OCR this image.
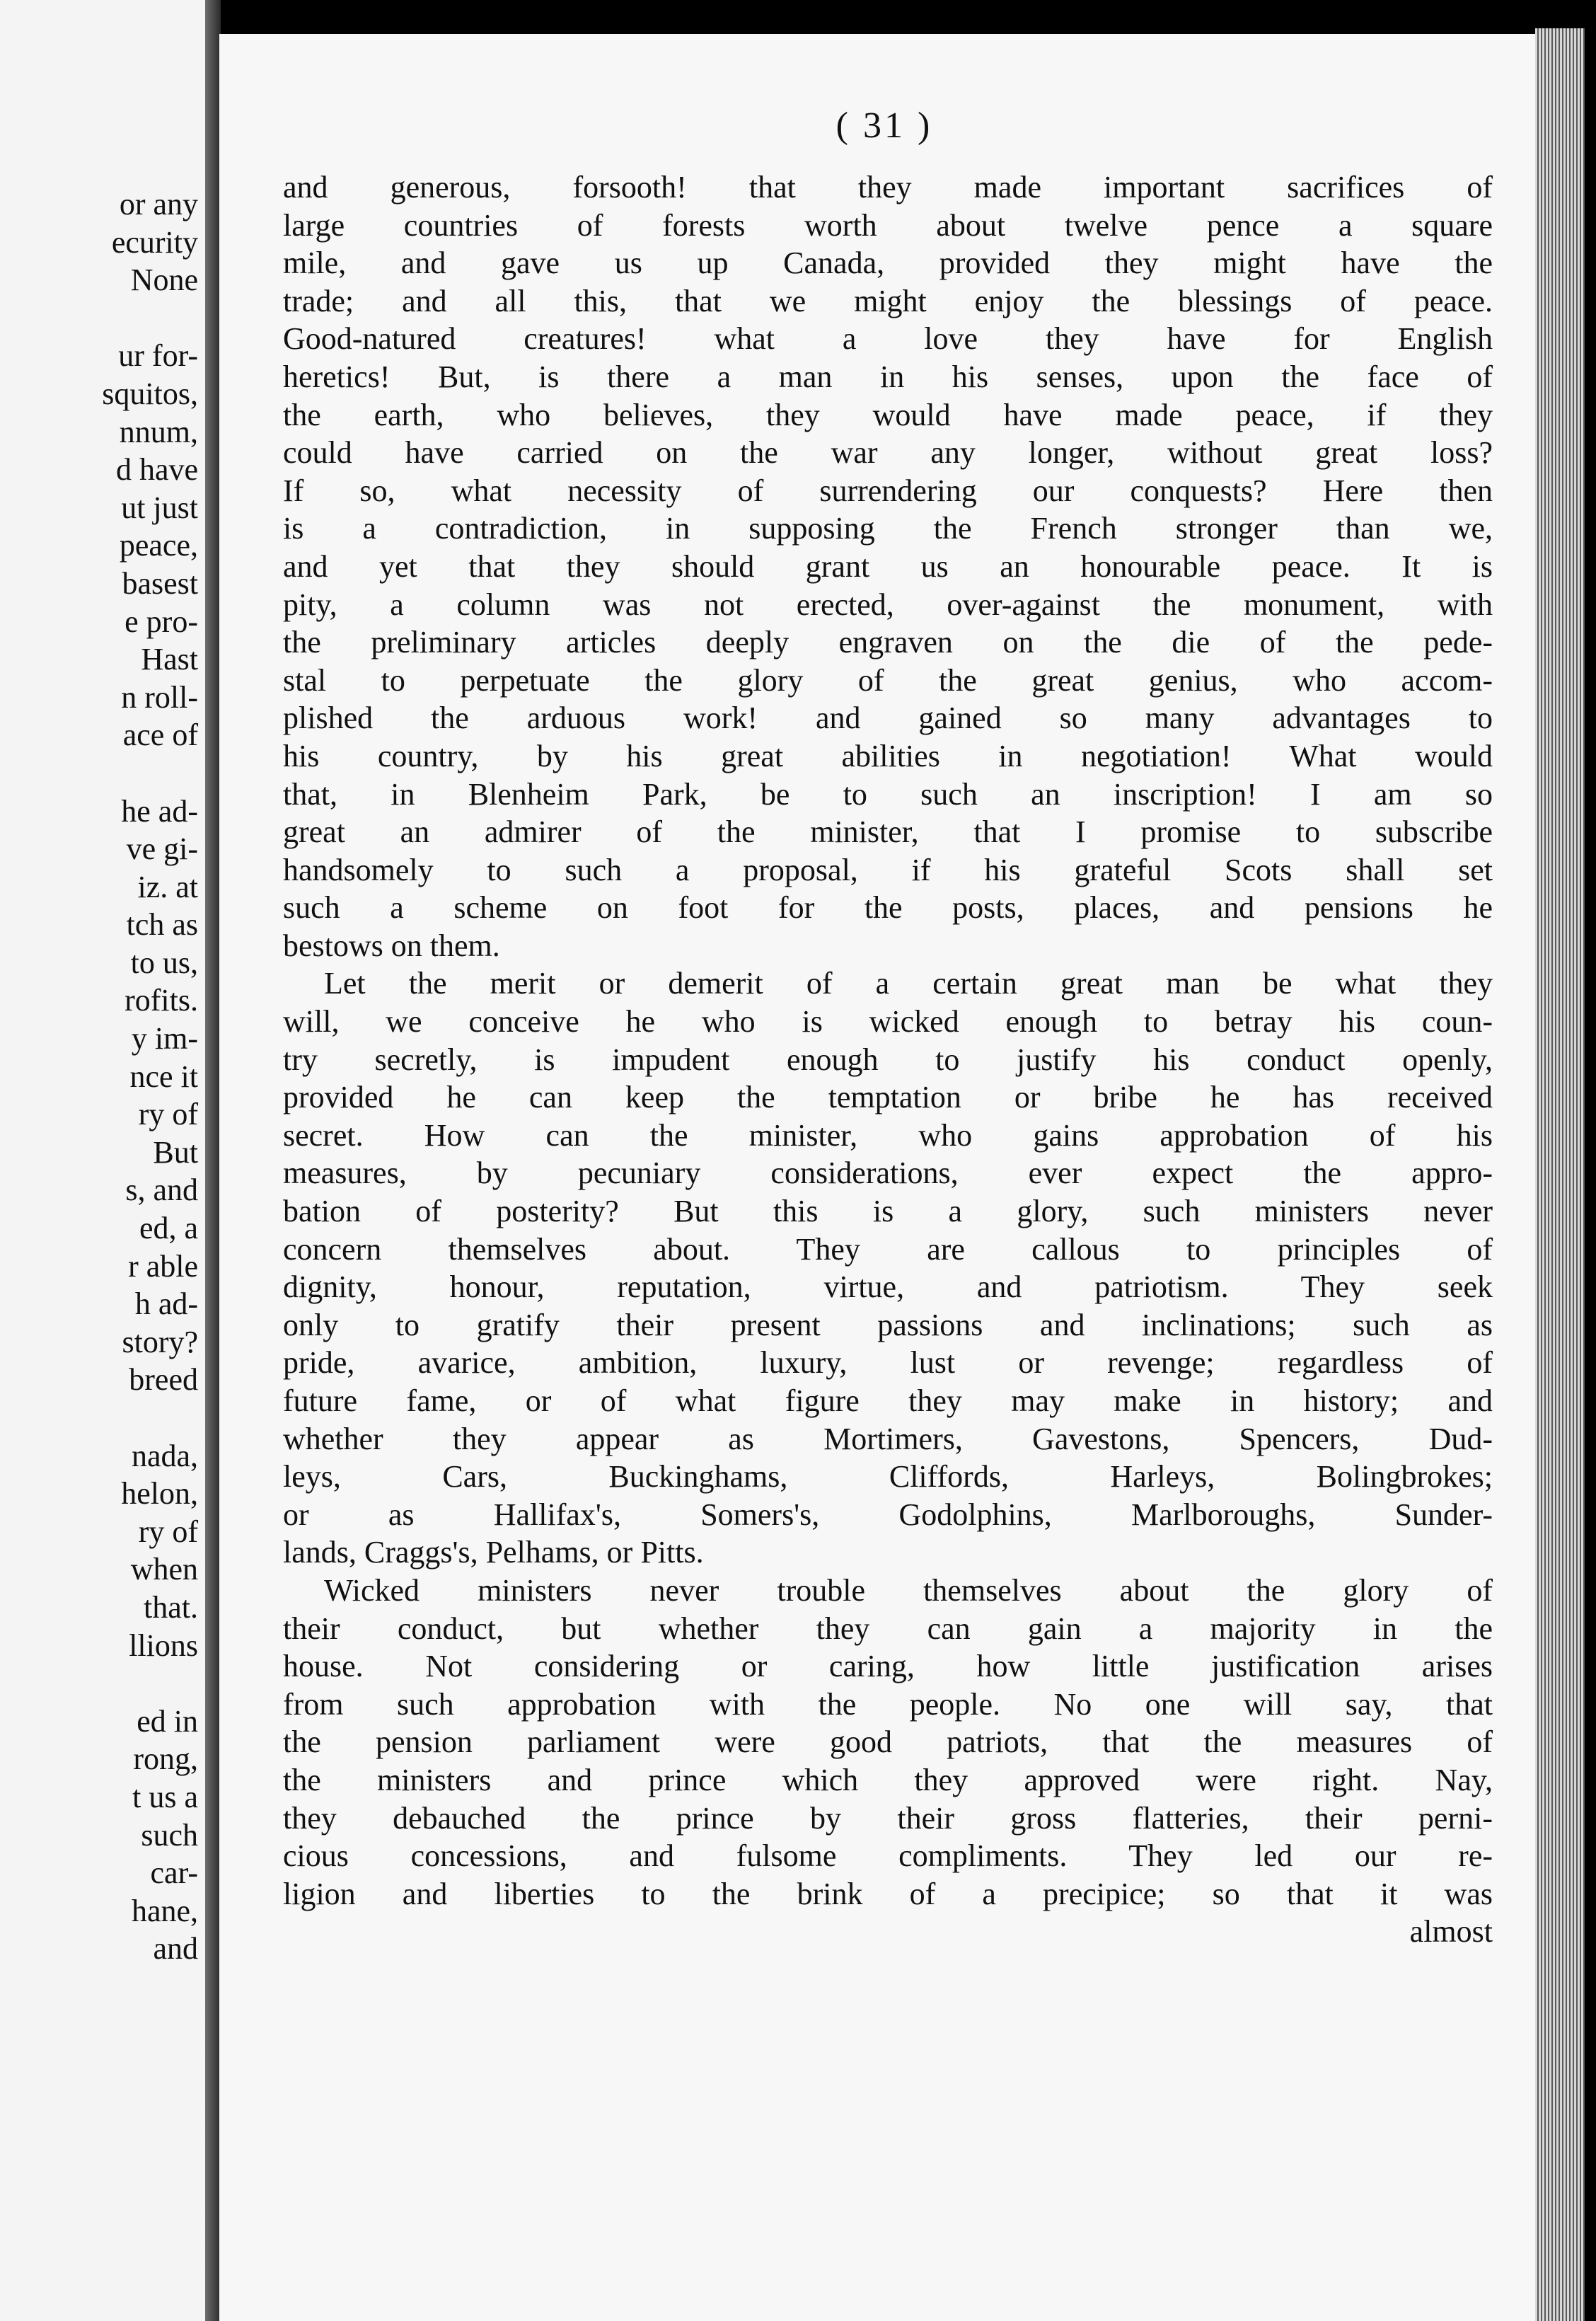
or any
ecurity
None
ur for-
squitos,
nnum,
d have
ut just
peace,
basest
e pro-
Hast
n roll-
ace of
he ad-
ve gi-
iz. at
tch as
to us,
rofits.
y im-
nce it
ry of
But
s, and
ed, a
r able
h ad-
story?
breed
nada,
helon,
ry of
when
that.
llions
ed in
rong,
t us a
such
car-
hane,
and
( 31 )
and generous, forsooth! that they made important sacrifices of
large countries of forests worth about twelve pence a square
mile, and gave us up Canada, provided they might have the
trade; and all this, that we might enjoy the blessings of peace.
Good-natured creatures! what a love they have for English
heretics! But, is there a man in his senses, upon the face of
the earth, who believes, they would have made peace, if they
could have carried on the war any longer, without great loss?
If so, what necessity of surrendering our conquests? Here then
is a contradiction, in supposing the French stronger than we,
and yet that they should grant us an honourable peace. It is
pity, a column was not erected, over-against the monument, with
the preliminary articles deeply engraven on the die of the pede-
stal to perpetuate the glory of the great genius, who accom-
plished the arduous work! and gained so many advantages to
his country, by his great abilities in negotiation! What would
that, in Blenheim Park, be to such an inscription! I am so
great an admirer of the minister, that I promise to subscribe
handsomely to such a proposal, if his grateful Scots shall set
such a scheme on foot for the posts, places, and pensions he
bestows on them.
Let the merit or demerit of a certain great man be what they
will, we conceive he who is wicked enough to betray his coun-
try secretly, is impudent enough to justify his conduct openly,
provided he can keep the temptation or bribe he has received
secret. How can the minister, who gains approbation of his
measures, by pecuniary considerations, ever expect the appro-
bation of posterity? But this is a glory, such ministers never
concern themselves about. They are callous to principles of
dignity, honour, reputation, virtue, and patriotism. They seek
only to gratify their present passions and inclinations; such as
pride, avarice, ambition, luxury, lust or revenge; regardless of
future fame, or of what figure they may make in history; and
whether they appear as Mortimers, Gavestons, Spencers, Dud-
leys, Cars, Buckinghams, Cliffords, Harleys, Bolingbrokes;
or as Hallifax's, Somers's, Godolphins, Marlboroughs, Sunder-
lands, Craggs's, Pelhams, or Pitts.
Wicked ministers never trouble themselves about the glory of
their conduct, but whether they can gain a majority in the
house. Not considering or caring, how little justification arises
from such approbation with the people. No one will say, that
the pension parliament were good patriots, that the measures of
the ministers and prince which they approved were right. Nay,
they debauched the prince by their gross flatteries, their perni-
cious concessions, and fulsome compliments. They led our re-
ligion and liberties to the brink of a precipice; so that it was
almost
